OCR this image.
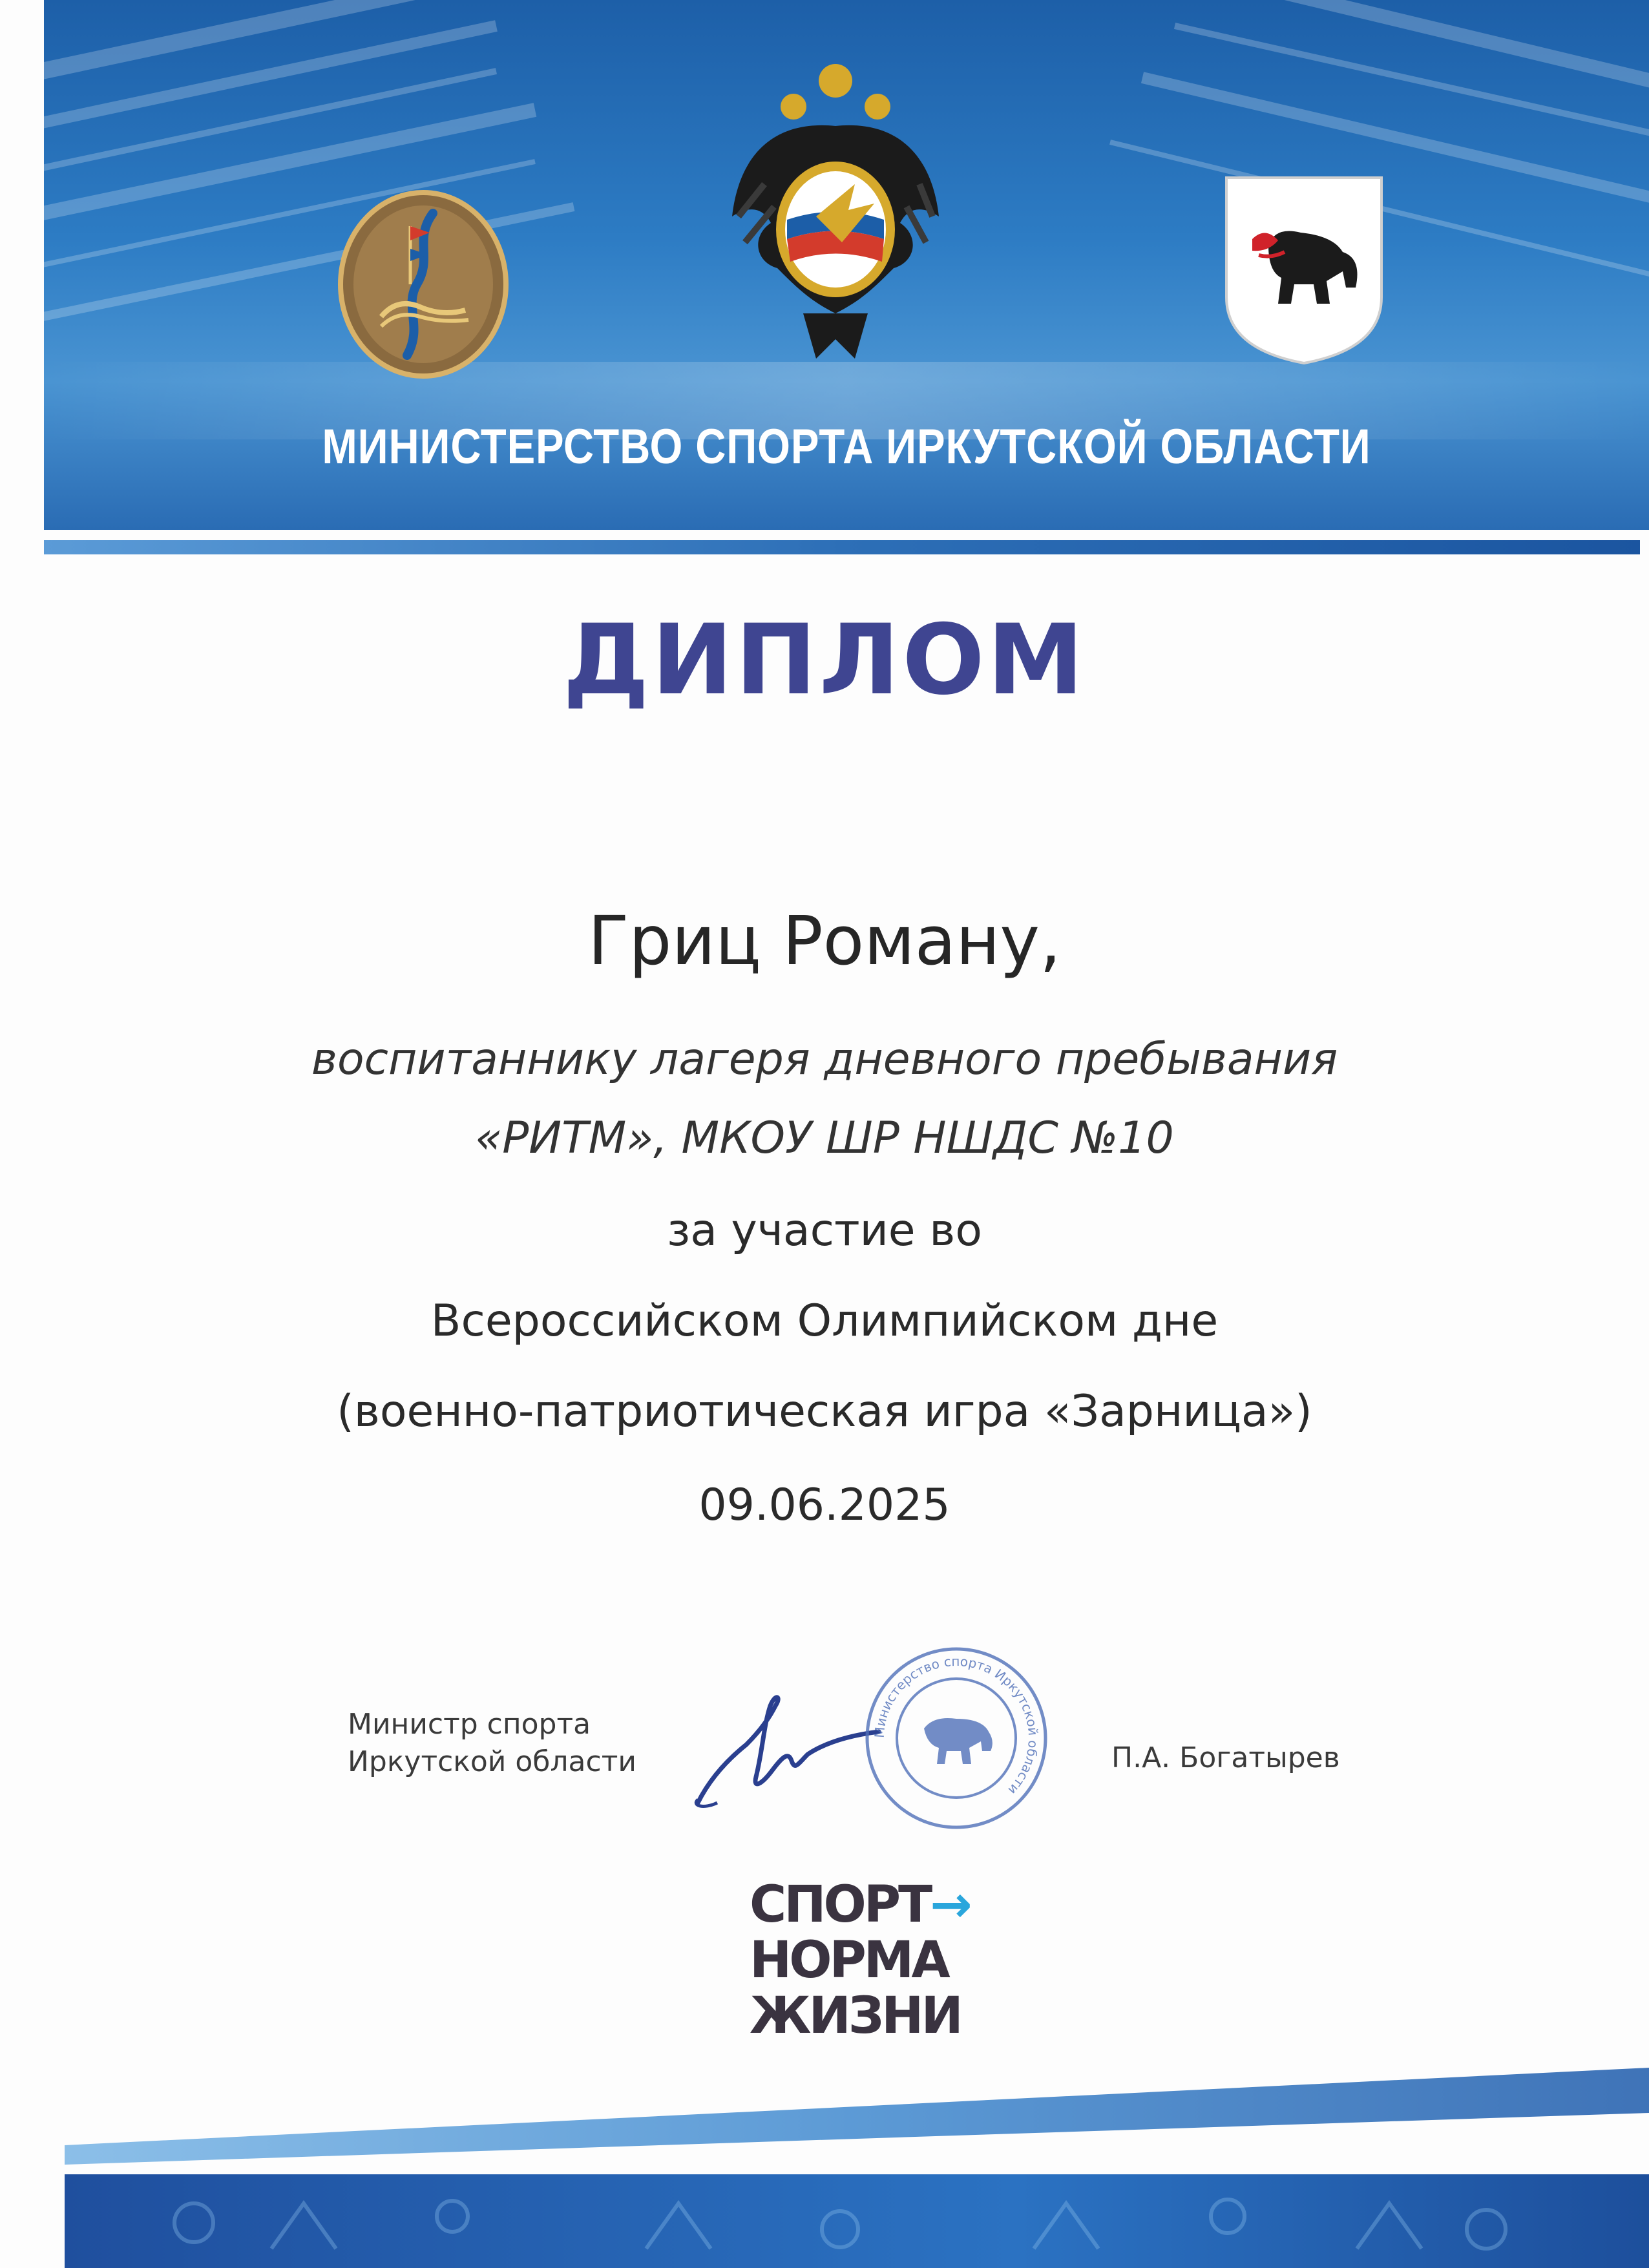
МИНИСТЕРСТВО СПОРТА ИРКУТСКОЙ ОБЛАСТИ
ДИПЛОМ
Гриц Роману,
воспитаннику лагеря дневного пребывания
«РИТМ», МКОУ ШР НШДС №10
за участие во
Всероссийском Олимпийском дне
(военно-патриотическая игра «Зарница»)
09.06.2025
Министр спорта
Иркутской области
Министерство спорта Иркутской области
П.А. Богатырев
СПОРТ→
НОРМА
ЖИЗНИ
